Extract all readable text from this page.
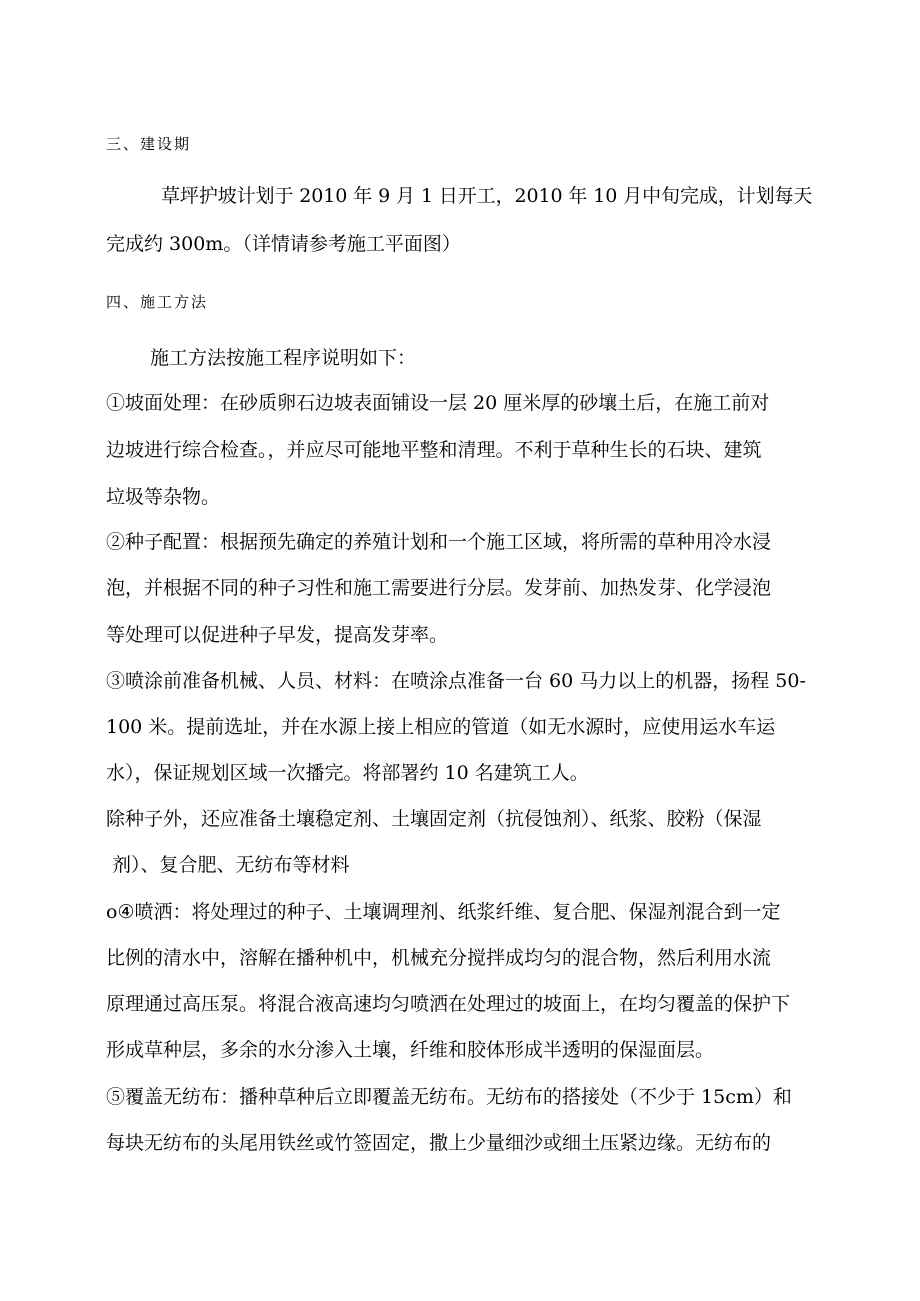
三、建设期
草坪护坡计划于 2010 年 9 月 1 日开工，2010 年 10 月中旬完成，计划每天
完成约 300m。（详情请参考施工平面图）
四、施工方法
施工方法按施工程序说明如下：
①坡面处理：在砂质卵石边坡表面铺设一层 20 厘米厚的砂壤土后，在施工前对
边坡进行综合检查。，并应尽可能地平整和清理。不利于草种生长的石块、建筑
垃圾等杂物。
②种子配置：根据预先确定的养殖计划和一个施工区域，将所需的草种用冷水浸
泡，并根据不同的种子习性和施工需要进行分层。发芽前、加热发芽、化学浸泡
等处理可以促进种子早发，提高发芽率。
③喷涂前准备机械、人员、材料：在喷涂点准备一台 60 马力以上的机器，扬程 50-
100 米。提前选址，并在水源上接上相应的管道（如无水源时，应使用运水车运
水），保证规划区域一次播完。将部署约 10 名建筑工人。
除种子外，还应准备土壤稳定剂、土壤固定剂（抗侵蚀剂）、纸浆、胶粉（保湿
剂）、复合肥、无纺布等材料
o④喷洒：将处理过的种子、土壤调理剂、纸浆纤维、复合肥、保湿剂混合到一定
比例的清水中，溶解在播种机中，机械充分搅拌成均匀的混合物，然后利用水流
原理通过高压泵。将混合液高速均匀喷洒在处理过的坡面上，在均匀覆盖的保护下
形成草种层，多余的水分渗入土壤，纤维和胶体形成半透明的保湿面层。
⑤覆盖无纺布：播种草种后立即覆盖无纺布。无纺布的搭接处（不少于 15cm）和
每块无纺布的头尾用铁丝或竹签固定，撒上少量细沙或细土压紧边缘。无纺布的
